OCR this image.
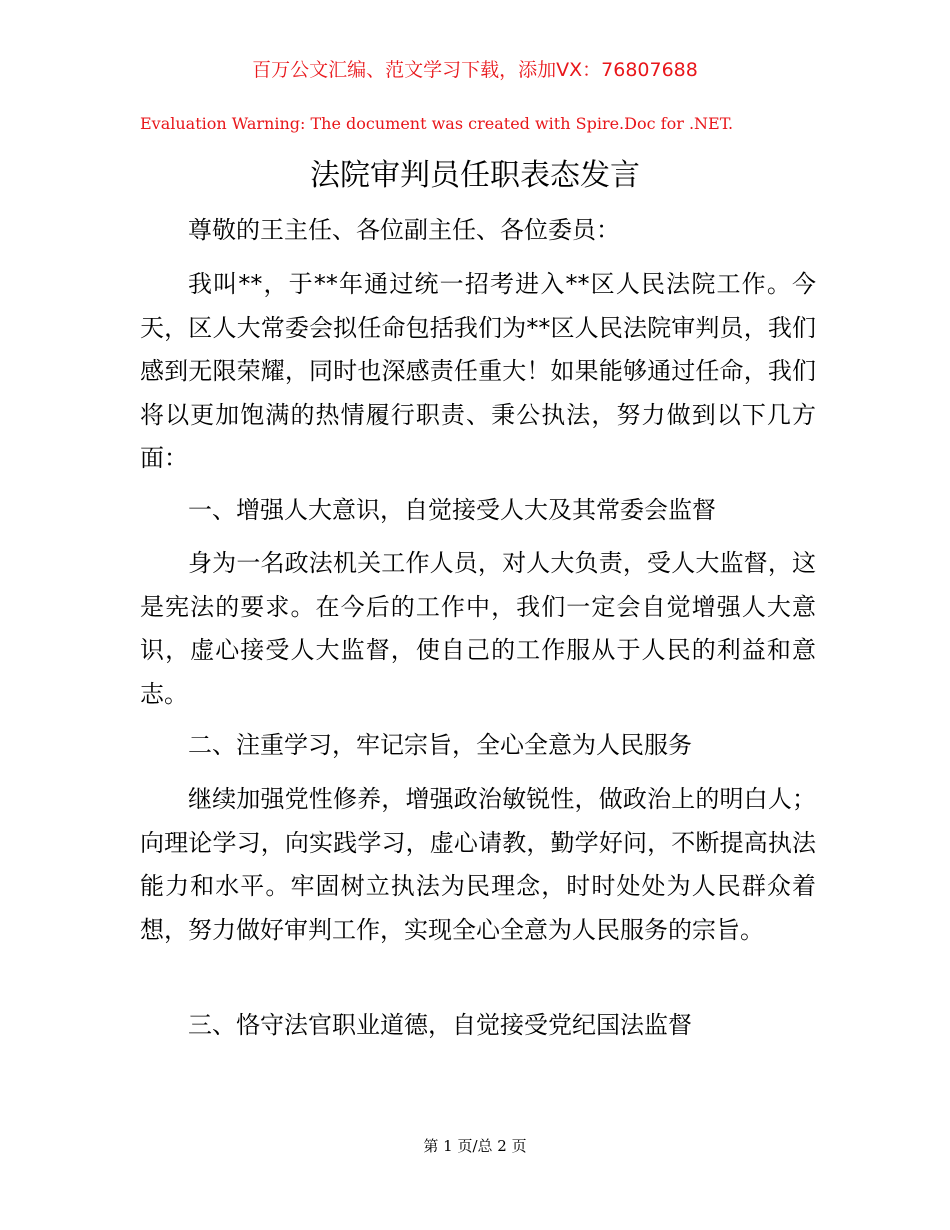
百万公文汇编、范文学习下载，添加VX：76807688
Evaluation Warning: The document was created with Spire.Doc for .NET.
法院审判员任职表态发言

尊敬的王主任、各位副主任、各位委员：

我叫**，于**年通过统一招考进入**区人民法院工作。今天，区人大常委会拟任命包括我们为**区人民法院审判员，我们感到无限荣耀，同时也深感责任重大！如果能够通过任命，我们将以更加饱满的热情履行职责、秉公执法，努力做到以下几方面：

一、增强人大意识，自觉接受人大及其常委会监督

身为一名政法机关工作人员，对人大负责，受人大监督，这是宪法的要求。在今后的工作中，我们一定会自觉增强人大意识，虚心接受人大监督，使自己的工作服从于人民的利益和意志。

二、注重学习，牢记宗旨，全心全意为人民服务

继续加强党性修养，增强政治敏锐性，做政治上的明白人；向理论学习，向实践学习，虚心请教，勤学好问，不断提高执法能力和水平。牢固树立执法为民理念，时时处处为人民群众着想，努力做好审判工作，实现全心全意为人民服务的宗旨。

三、恪守法官职业道德，自觉接受党纪国法监督

第 1 页/总 2 页
